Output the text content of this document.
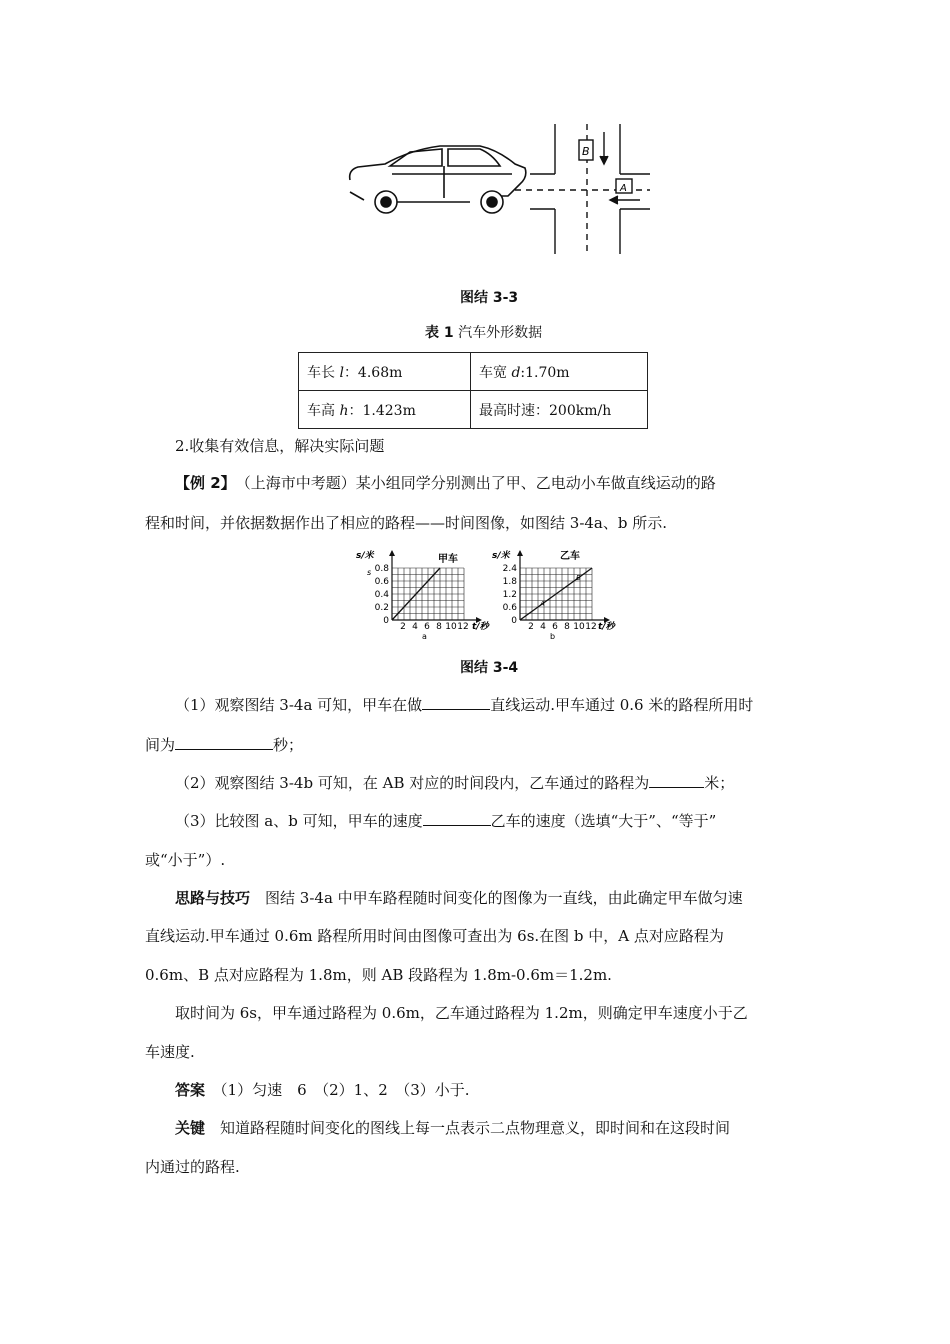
B
A
图结 3-3
表 1 汽车外形数据
车长 l：4.68m	车宽 d:1.70m
车高 h：1.423m	最高时速：200km/h
2.收集有效信息，解决实际问题
【例 2】　 （上海市中考题）某小组同学分别测出了甲、乙电动小车做直线运动的路
程和时间，并依据数据作出了相应的路程——时间图像，如图结 3-4a、b 所示.
s/米	甲车
t/秒
a
s 0.8
0.6
0.4
0.2
0
2 4 6 8 10 12
s/米	乙车
t/秒
b
2.4
1.8
1.2
0.6
0
2 4 6 8 10 12
A
B
图结 3-4
（1）观察图结 3-4a 可知，甲车在做	直线运动.甲车通过 0.6 米的路程所用时
间为	秒；
（2）观察图结 3-4b 可知，在 AB 对应的时间段内，乙车通过的路程为	米；
（3）比较图 a、b 可知，甲车的速度	乙车的速度（选填“大于”、“等于”
或“小于”）.
思路与技巧　 图结 3-4a 中甲车路程随时间变化的图像为一直线，由此确定甲车做匀速
直线运动.甲车通过 0.6m 路程所用时间由图像可查出为 6s.在图 b 中，A 点对应路程为
0.6m、B 点对应路程为 1.8m，则 AB 段路程为 1.8m-0.6m＝1.2m.
取时间为 6s，甲车通过路程为 0.6m，乙车通过路程为 1.2m，则确定甲车速度小于乙
车速度.
答案　 （1）匀速　6　（2）1、2　（3）小于.
关键　 知道路程随时间变化的图线上每一点表示二点物理意义，即时间和在这段时间
内通过的路程.
